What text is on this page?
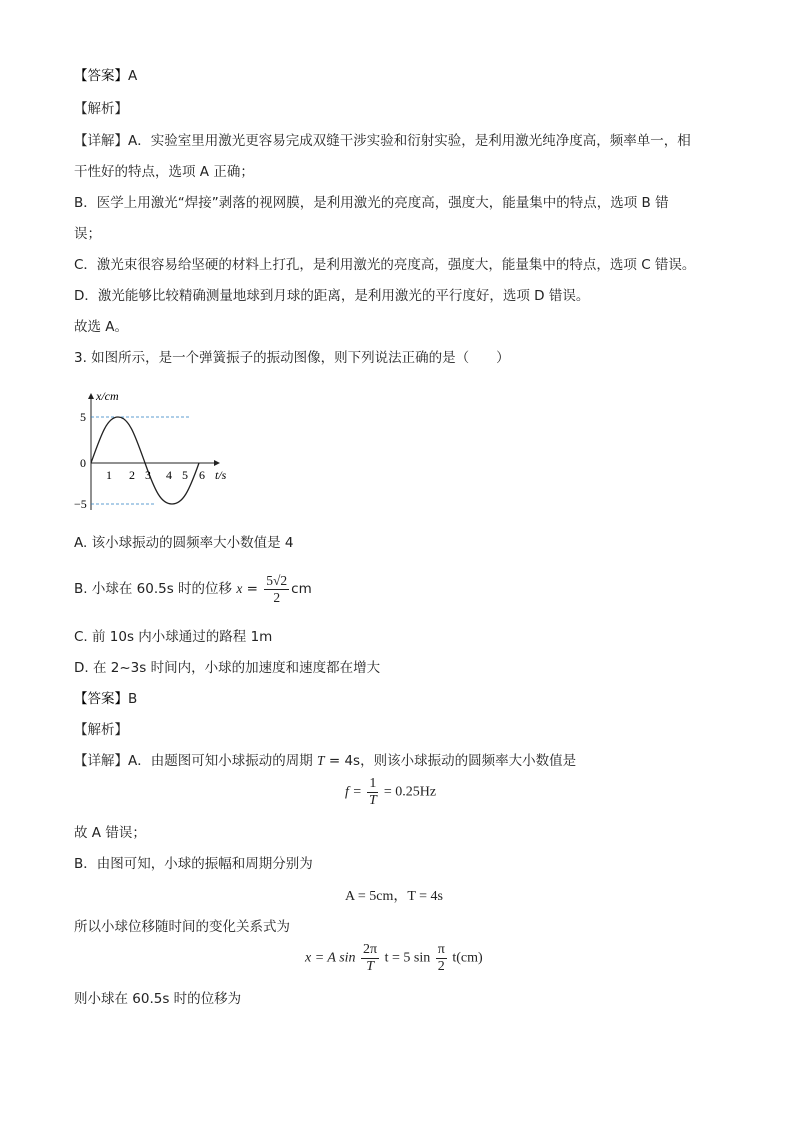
【答案】A
【解析】
【详解】A．实验室里用激光更容易完成双缝干涉实验和衍射实验，是利用激光纯净度高，频率单一，相
干性好的特点，选项 A 正确；
B．医学上用激光“焊接”剥落的视网膜，是利用激光的亮度高，强度大，能量集中的特点，选项 B 错
误；
C．激光束很容易给坚硬的材料上打孔，是利用激光的亮度高，强度大，能量集中的特点，选项 C 错误。
D．激光能够比较精确测量地球到月球的距离，是利用激光的平行度好，选项 D 错误。
故选 A。
3. 如图所示，是一个弹簧振子的振动图像，则下列说法正确的是（　　）
x/cm
5
0
−5
1 2 3 4 5 6 t/s
A. 该小球振动的圆频率大小数值是 4
B. 小球在 60.5s 时的位移 $x = \frac{5√2}{2}$ cm
C. 前 10s 内小球通过的路程 1m
D. 在 2~3s 时间内，小球的加速度和速度都在增大
【答案】B
【解析】
【详解】A．由题图可知小球振动的周期 T = 4s，则该小球振动的圆频率大小数值是
$f = \frac{1}{T} = 0.25Hz$
故 A 错误；
B．由图可知，小球的振幅和周期分别为
A = 5cm，T = 4s
所以小球位移随时间的变化关系式为
x = A $\sin \frac{2\pi}{T}$ t = 5 $\sin \frac{\pi}{2} t(cm)$
则小球在 60.5s 时的位移为
